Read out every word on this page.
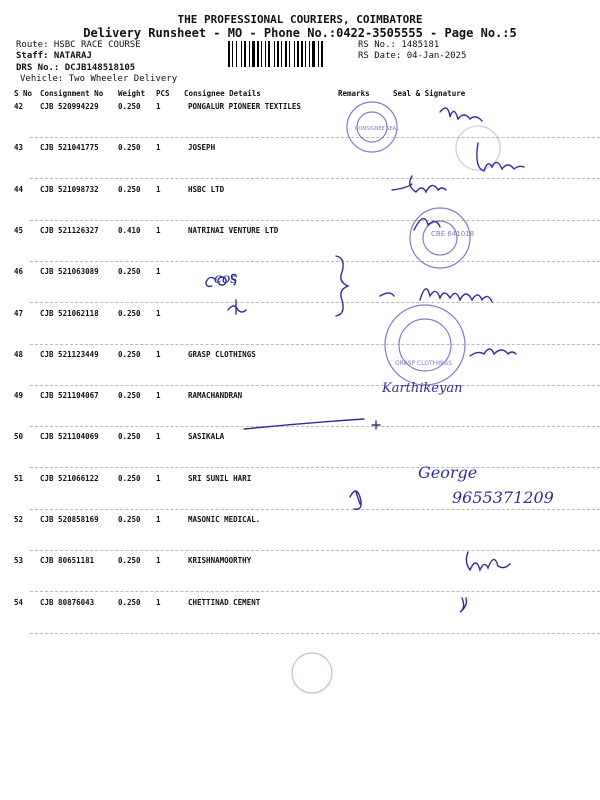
THE PROFESSIONAL COURIERS, COIMBATORE
Delivery Runsheet - MO - Phone No.:0422-3505555 - Page No.:5
Route: HSBC RACE COURSE
Staff: NATARAJ
DRS No.: DCJB148518105
Vehicle: Two Wheeler Delivery
RS No.: 1485181
RS Date: 04-Jan-2025
S No Consignment No Weight PCS Consignee Details	Remarks	Seal & Signature
42 CJB 520994229	0.250 1	PONGALUR PIONEER TEXTILES
43 CJB 521041775	0.250 1	JOSEPH
44 CJB 521098732	0.250 1	HSBC LTD
45 CJB 521126327	0.410 1	NATRINAI VENTURE LTD
46 CJB 521063089	0.250 1
47 CJB 521062118	0.250 1
48 CJB 521123449	0.250 1	GRASP CLOTHINGS
49 CJB 521104067	0.250 1	RAMACHANDRAN
50 CJB 521104069	0.250 1	SASIKALA
51 CJB 521066122	0.250 1	SRI SUNIL HARI
52 CJB 520858169	0.250 1	MASONIC MEDICAL.
53 CJB 80651181	0.250 1	KRISHNAMOORTHY
54 CJB 80876043	0.250 1	CHETTINAD CEMENT
CONSIGNEE SEAL
CBE 641018
GRASP CLOTHINGS
cos
Karthikeyan
George
9655371209
